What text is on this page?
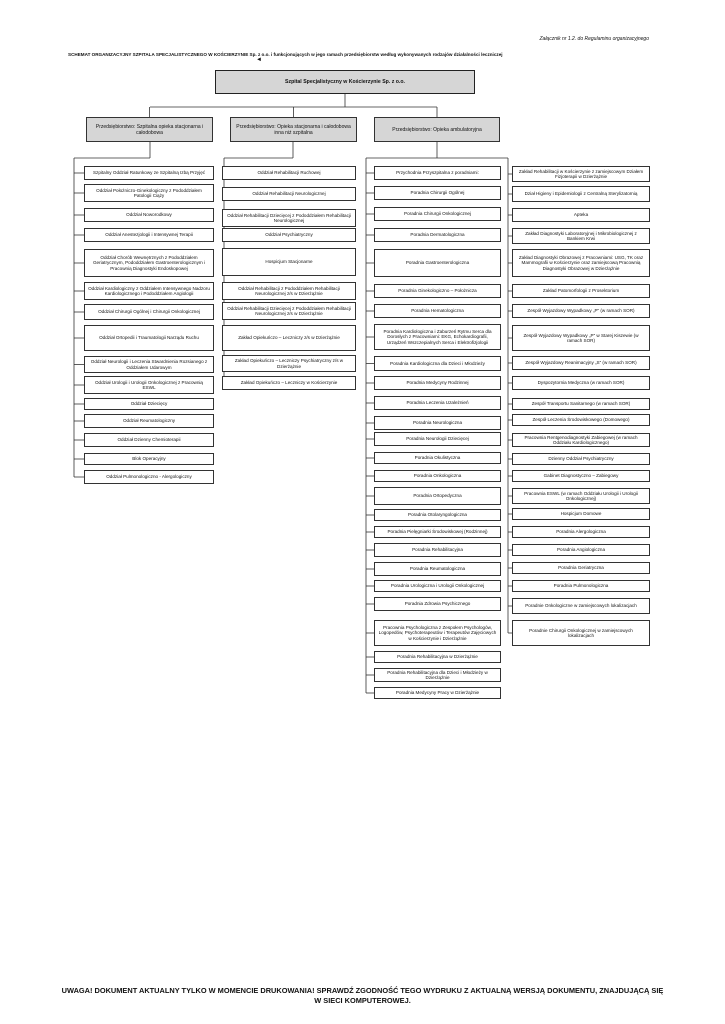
Załącznik nr 1.2. do Regulaminu organizacyjnego
SCHEMAT ORGANIZACYJNY SZPITALA SPECJALISTYCZNEGO W KOŚCIERZYNIE Sp. z o.o. i funkcjonujących w jego ramach przedsiębiorstw według wykonywanych rodzajów działalności leczniczej
◄
Szpital Specjalistyczny w Kościerzynie Sp. z o.o.
Przedsiębiorstwo: Szpitalna opieka stacjonarna i całodobowa
Przedsiębiorstwo: Opieka stacjonarna i całodobowa inna niż szpitalna	Przedsiębiorstwo: Opieka ambulatoryjna
Szpitalny Oddział Ratunkowy ze Szpitalną Izbą Przyjęć
Oddział Położniczo-Ginekologiczny z Pododdziałem Patologii Ciąży
Oddział Noworodkowy
Oddział Anestezjologii i Intensywnej Terapii
Oddział Chorób Wewnętrznych z Pododdziałem Geriatrycznym, Pododdziałem Gastroenterologicznym i Pracownią Diagnostyki Endoskopowej
Oddział Kardiologiczny z Oddziałem Intensywnego Nadzoru Kardiologicznego i Pododdziałem Angiologii
Oddział Chirurgii Ogólnej i Chirurgii Onkologicznej
Oddział Ortopedii i Traumatologii Narządu Ruchu
Oddział Neurologii i Leczenia Stwardnienia Rozsianego z Oddziałem Udarowym
Oddział Urologii i Urologii Onkologicznej z Pracownią ESWL
Oddział Dziecięcy
Oddział Reumatologiczny
Oddział Dzienny Chemioterapii
Blok Operacyjny
Oddział Pulmonologiczno - Alergologiczny
Oddział Rehabilitacji Ruchowej
Oddział Rehabilitacji Neurologicznej
Oddział Rehabilitacji Dziecięcej z Pododdziałem Rehabilitacji Neurologicznej
Oddział Psychiatryczny
Hospicjum Stacjonarne
Oddział Rehabilitacji z Pododdziałem Rehabilitacji Neurologicznej z/s w Dzierżążnie
Oddział Rehabilitacji Dziecięcej z Pododdziałem Rehabilitacji Neurologicznej z/s w Dzierżążnie
Zakład Opiekuńczo – Leczniczy z/s w Dzierżążnie
Zakład Opiekuńczo – Leczniczy Psychiatryczny z/s w Dzierżążnie
Zakład Opiekuńczo – Leczniczy w Kościerzynie
Przychodnia Przyszpitalna z poradniami:
Poradnia Chirurgii Ogólnej
Poradnia Chirurgii Onkologicznej
Poradnia Dermatologiczna
Poradnia Gastroenterologiczna
Poradnia Ginekologiczno – Położnicza
Poradnia Hematologiczna
Poradnia Kardiologiczna i Zaburzeń Rytmu Serca dla Dorosłych z Pracowniami: EKG, Echokardiografii, Urządzeń Wszczepialnych Serca i Elektrofizjologii
Poradnia Kardiologiczna dla Dzieci i Młodzieży
Poradnia Medycyny Rodzinnej
Poradnia Leczenia Uzależnień
Poradnia Neurologiczna
Poradnia Neurologii Dziecięcej
Poradnia Okulistyczna
Poradnia Onkologiczna
Poradnia Ortopedyczna
Poradnia Otolaryngologiczna
Poradnia Pielęgniarki Środowiskowej (Rodzinnej)
Poradnia Rehabilitacyjna
Poradnia Reumatologiczna
Poradnia Urologiczna i Urologii Onkologicznej
Poradnia Zdrowia Psychicznego
Pracownia Psychologiczna z Zespołem Psychologów, Logopedów, Psychoterapeutów i Terapeutów Zajęciowych w Kościerzynie i Dzierżążnie
Poradnia Rehabilitacyjna w Dzierżążnie
Poradnia Rehabilitacyjna dla Dzieci i Młodzieży w Dzierżążnie
Poradnia Medycyny Pracy w Dzierżążnie
Zakład Rehabilitacji w Kościerzynie z zamiejscowym Działem Fizjoterapii w Dzierżążnie
Dział Higieny i Epidemiologii z Centralną Sterylizatornią
Apteka
Zakład Diagnostyki Laboratoryjnej i Mikrobiologicznej z Bankiem Krwi
Zakład Diagnostyki Obrazowej z Pracowniami: USG, TK oraz Mammografii w Kościerzynie oraz zamiejscową Pracownią Diagnostyki Obrazowej w Dzierżążnie
Zakład Patomorfologii z Prosektorium
Zespół Wyjazdowy Wypadkowy „P” (w ramach SOR)
Zespół Wyjazdowy Wypadkowy „P” w Starej Kiszewie (w ramach SOR)
Zespół Wyjazdowy Reanimacyjny „S” (w ramach SOR)
Dyspozytornia Medyczna (w ramach SOR)
Zespół Transportu Sanitarnego (w ramach SOR)
Zespół Leczenia Środowiskowego (Domowego)
Pracownia Rentgenodiagnostyki Zabiegowej (w ramach Oddziału Kardiologicznego)
Dzienny Oddział Psychiatryczny
Gabinet Diagnostyczno – Zabiegowy
Pracownia ESWL (w ramach Oddziału Urologii i Urologii Onkologicznej)
Hospicjum Domowe
Poradnia Alergologiczna
Poradnia Angiologiczna
Poradnia Geriatryczna
Poradnia Pulmonologiczna
Poradnie Onkologiczne w zamiejscowych lokalizacjach
Poradnie Chirurgii Onkologicznej w zamiejscowych lokalizacjach
UWAGA! DOKUMENT AKTUALNY TYLKO W MOMENCIE DRUKOWANIA! SPRAWDŹ ZGODNOŚĆ TEGO WYDRUKU Z AKTUALNĄ WERSJĄ DOKUMENTU, ZNAJDUJĄCĄ SIĘ W SIECI KOMPUTEROWEJ.
